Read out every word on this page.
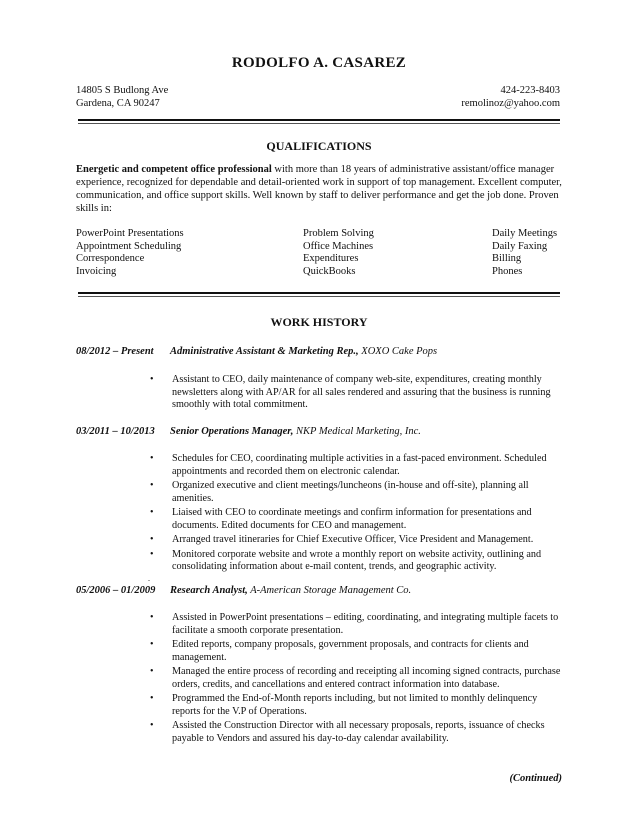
RODOLFO A. CASAREZ
14805 S Budlong Ave	424-223-8403
Gardena, CA 90247	remolinoz@yahoo.com
QUALIFICATIONS
Energetic and competent office professional with more than 18 years of administrative assistant/office manager experience, recognized for dependable and detail-oriented work in support of top management. Excellent computer, communication, and office support skills. Well known by staff to deliver performance and get the job done. Proven skills in:
PowerPoint Presentations
Appointment Scheduling
Correspondence
Invoicing
Problem Solving
Office Machines
Expenditures
QuickBooks
Daily Meetings
Daily Faxing
Billing
Phones
WORK HISTORY
08/2012 – Present Administrative Assistant & Marketing Rep., XOXO Cake Pops
• Assistant to CEO, daily maintenance of company web-site, expenditures, creating monthly newsletters along with AP/AR for all sales rendered and assuring that the business is running smoothly with total commitment.
03/2011 – 10/2013 Senior Operations Manager, NKP Medical Marketing, Inc.
• Schedules for CEO, coordinating multiple activities in a fast-paced environment. Scheduled appointments and recorded them on electronic calendar.
• Organized executive and client meetings/luncheons (in-house and off-site), planning all amenities.
• Liaised with CEO to coordinate meetings and confirm information for presentations and documents. Edited documents for CEO and management.
• Arranged travel itineraries for Chief Executive Officer, Vice President and Management.
• Monitored corporate website and wrote a monthly report on website activity, outlining and consolidating information about e-mail content, trends, and geographic activity.
.
05/2006 – 01/2009 Research Analyst, A-American Storage Management Co.
• Assisted in PowerPoint presentations – editing, coordinating, and integrating multiple facets to facilitate a smooth corporate presentation.
• Edited reports, company proposals, government proposals, and contracts for clients and management.
• Managed the entire process of recording and receipting all incoming signed contracts, purchase orders, credits, and cancellations and entered contract information into database.
• Programmed the End-of-Month reports including, but not limited to monthly delinquency reports for the V.P of Operations.
• Assisted the Construction Director with all necessary proposals, reports, issuance of checks payable to Vendors and assured his day-to-day calendar availability.
(Continued)
